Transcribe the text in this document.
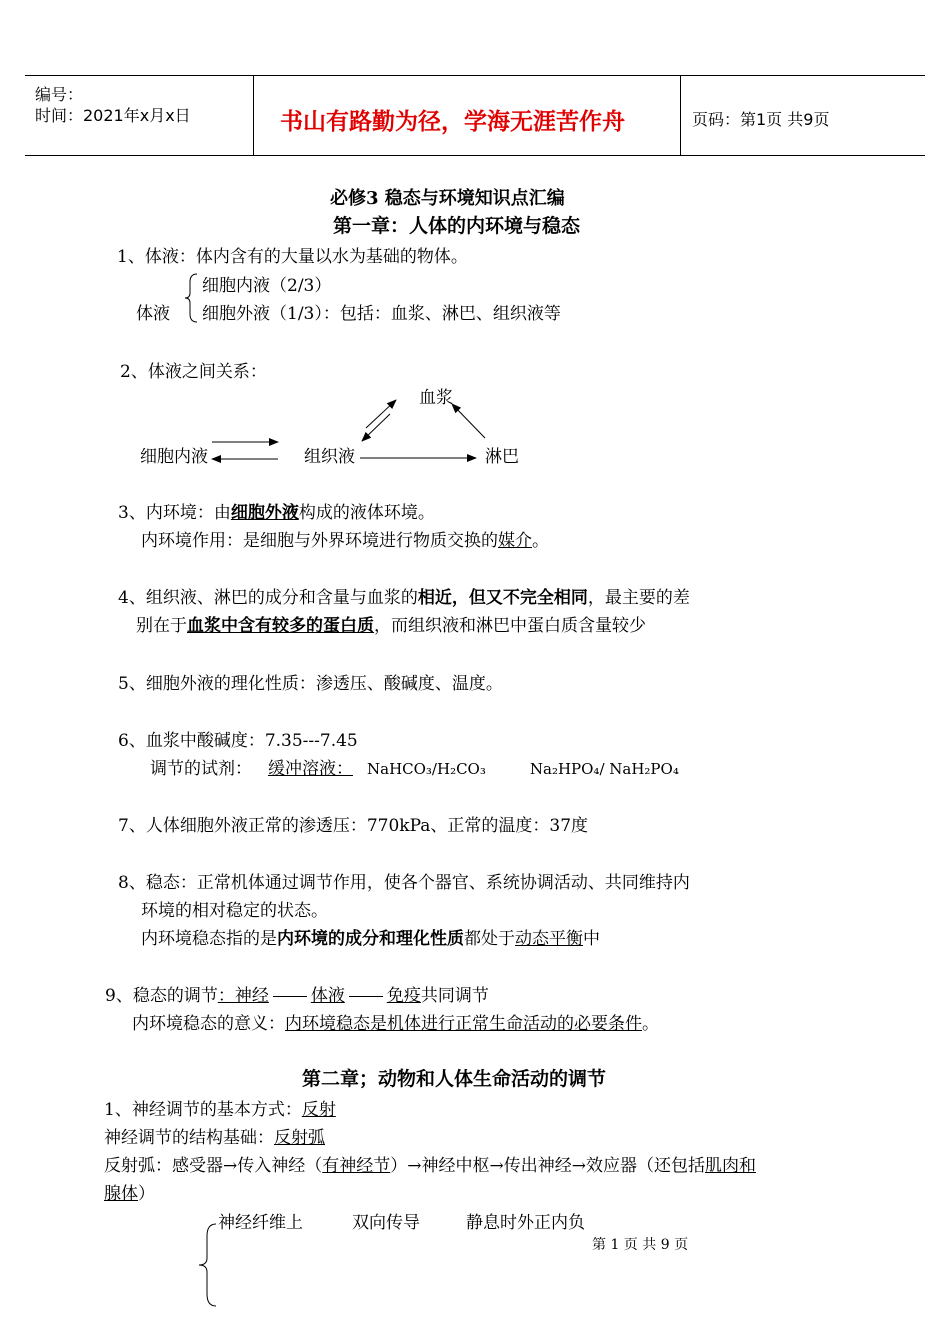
编号：
时间：2021年x月x日	书山有路勤为径，学海无涯苦作舟	页码：第1页 共9页
必修3 稳态与环境知识点汇编
第一章：人体的内环境与稳态
1、体液：体内含有的大量以水为基础的物体。
细胞内液（2/3）
体液 细胞外液（1/3）：包括：血浆、淋巴、组织液等
2、体液之间关系：
血浆
细胞内液	组织液	淋巴
3、内环境：由细胞外液构成的液体环境。
内环境作用：是细胞与外界环境进行物质交换的媒介。
4、组织液、淋巴的成分和含量与血浆的相近，但又不完全相同，最主要的差
别在于血浆中含有较多的蛋白质，而组织液和淋巴中蛋白质含量较少
5、细胞外液的理化性质：渗透压、酸碱度、温度。
6、血浆中酸碱度：7.35---7.45
调节的试剂： 缓冲溶液： NaHCO₃/H₂CO₃	Na₂HPO₄/ NaH₂PO₄
7、人体细胞外液正常的渗透压：770kPa、正常的温度：37度
8、稳态：正常机体通过调节作用，使各个器官、系统协调活动、共同维持内
环境的相对稳定的状态。
内环境稳态指的是内环境的成分和理化性质都处于动态平衡中
9、稳态的调节：神经 体液 免疫共同调节
内环境稳态的意义：内环境稳态是机体进行正常生命活动的必要条件。
第二章；动物和人体生命活动的调节
1、神经调节的基本方式：反射
神经调节的结构基础：反射弧
反射弧：感受器→传入神经（有神经节）→神经中枢→传出神经→效应器（还包括肌肉和
腺体）
神经纤维上	双向传导	静息时外正内负
第 1 页 共 9 页
